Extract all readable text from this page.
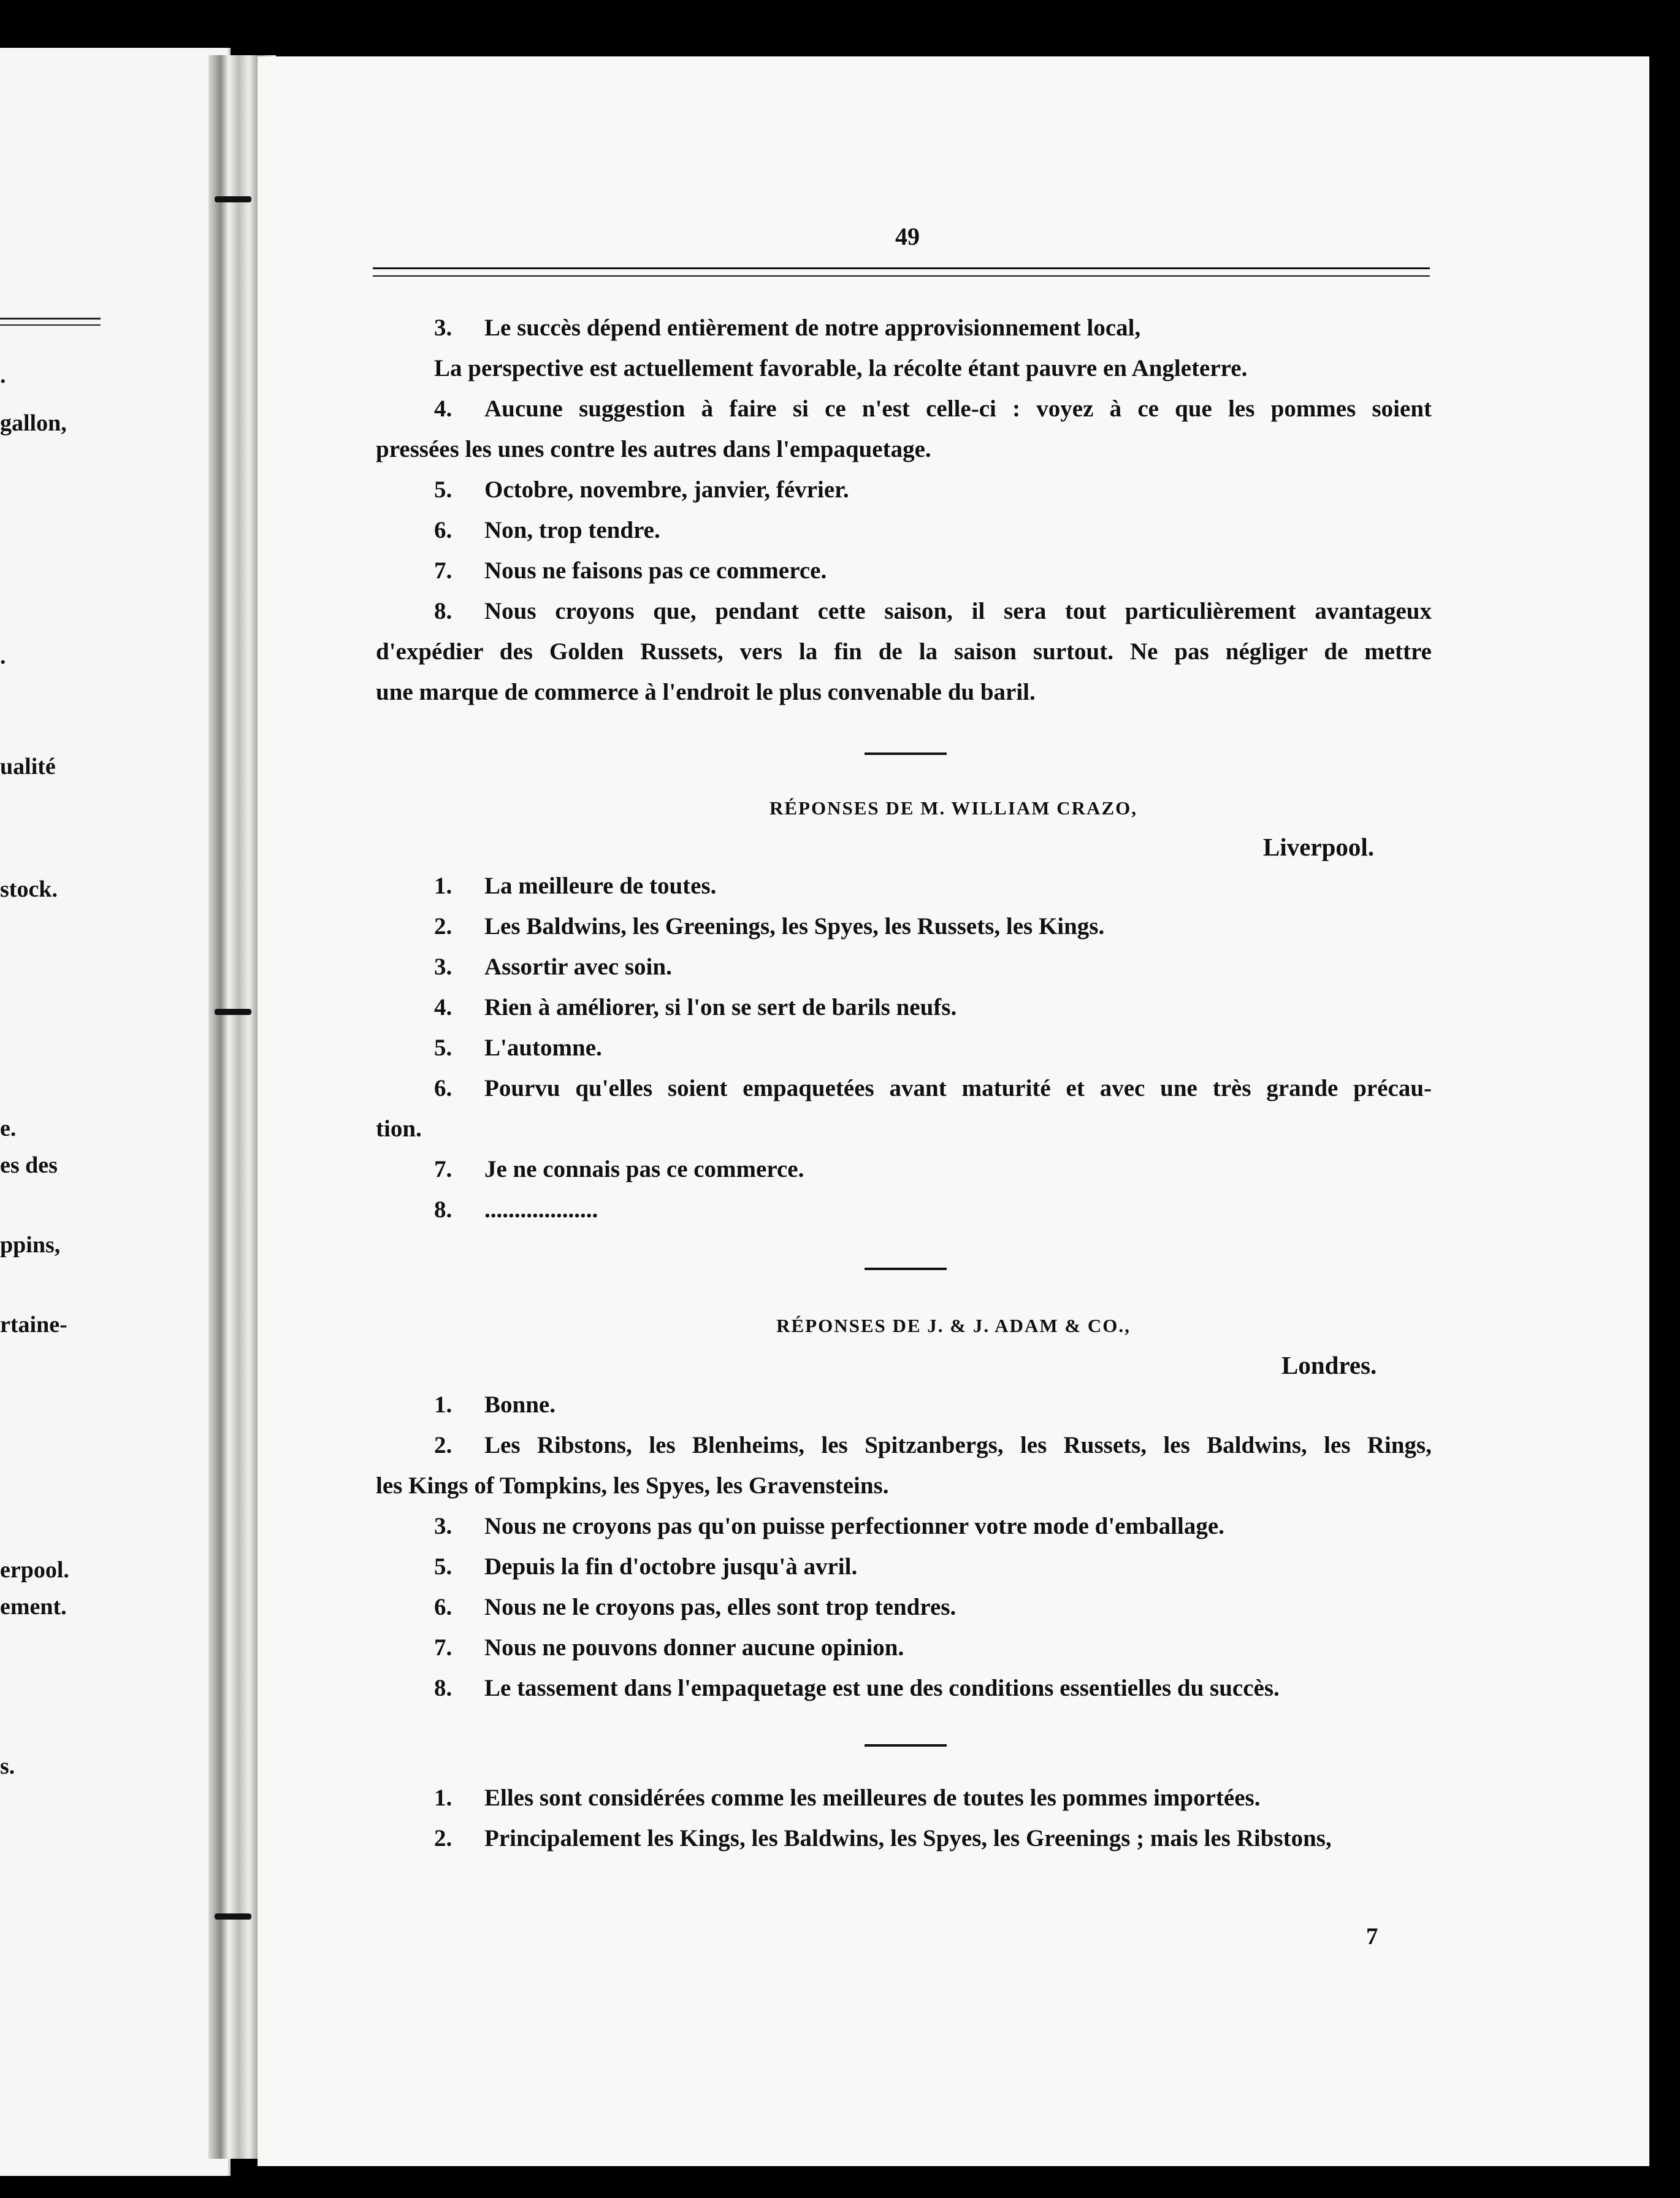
.
gallon,
.
ualité
stock.
e.
es des
ppins,
rtaine-
erpool.
ement.
s.
49
3. Le succès dépend entièrement de notre approvisionnement local,
La perspective est actuellement favorable, la récolte étant pauvre en Angleterre.
4. Aucune suggestion à faire si ce n'est celle-ci : voyez à ce que les pommes soient
pressées les unes contre les autres dans l'empaquetage.
5. Octobre, novembre, janvier, février.
6. Non, trop tendre.
7. Nous ne faisons pas ce commerce.
8. Nous croyons que, pendant cette saison, il sera tout particulièrement avantageux
d'expédier des Golden Russets, vers la fin de la saison surtout. Ne pas négliger de mettre
une marque de commerce à l'endroit le plus convenable du baril.
RÉPONSES DE M. WILLIAM CRAZO,
Liverpool.
1. La meilleure de toutes.
2. Les Baldwins, les Greenings, les Spyes, les Russets, les Kings.
3. Assortir avec soin.
4. Rien à améliorer, si l'on se sert de barils neufs.
5. L'automne.
6. Pourvu qu'elles soient empaquetées avant maturité et avec une très grande précau-
tion.
7. Je ne connais pas ce commerce.
8. ...................
RÉPONSES DE J. & J. ADAM & CO.,
Londres.
1. Bonne.
2. Les Ribstons, les Blenheims, les Spitzanbergs, les Russets, les Baldwins, les Rings,
les Kings of Tompkins, les Spyes, les Gravensteins.
3. Nous ne croyons pas qu'on puisse perfectionner votre mode d'emballage.
5. Depuis la fin d'octobre jusqu'à avril.
6. Nous ne le croyons pas, elles sont trop tendres.
7. Nous ne pouvons donner aucune opinion.
8. Le tassement dans l'empaquetage est une des conditions essentielles du succès.
1. Elles sont considérées comme les meilleures de toutes les pommes importées.
2. Principalement les Kings, les Baldwins, les Spyes, les Greenings ; mais les Ribstons,
7
